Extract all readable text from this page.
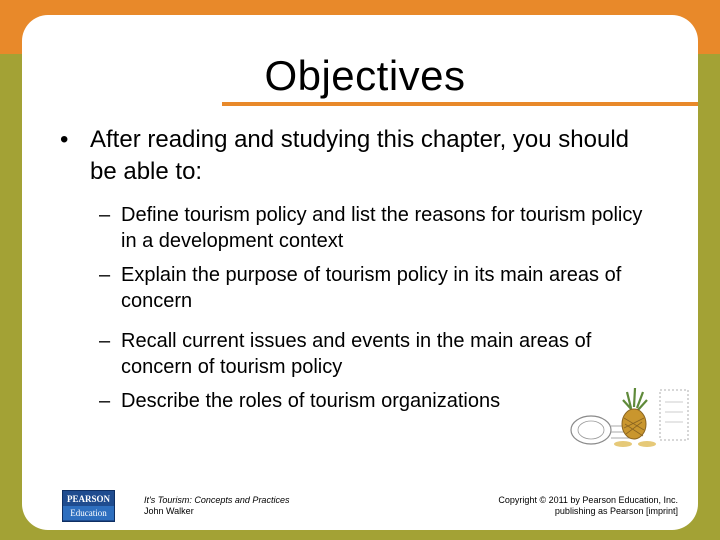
Objectives
• After reading and studying this chapter, you should be able to:
– Define tourism policy and list the reasons for tourism policy in a development context
– Explain the purpose of tourism policy in its main areas of concern
– Recall current issues and events in the main areas of concern of tourism policy
– Describe the roles of tourism organizations
PEARSON
Education
It's Tourism: Concepts and Practices
John Walker
Copyright © 2011 by Pearson Education, Inc.
publishing as Pearson [imprint]
